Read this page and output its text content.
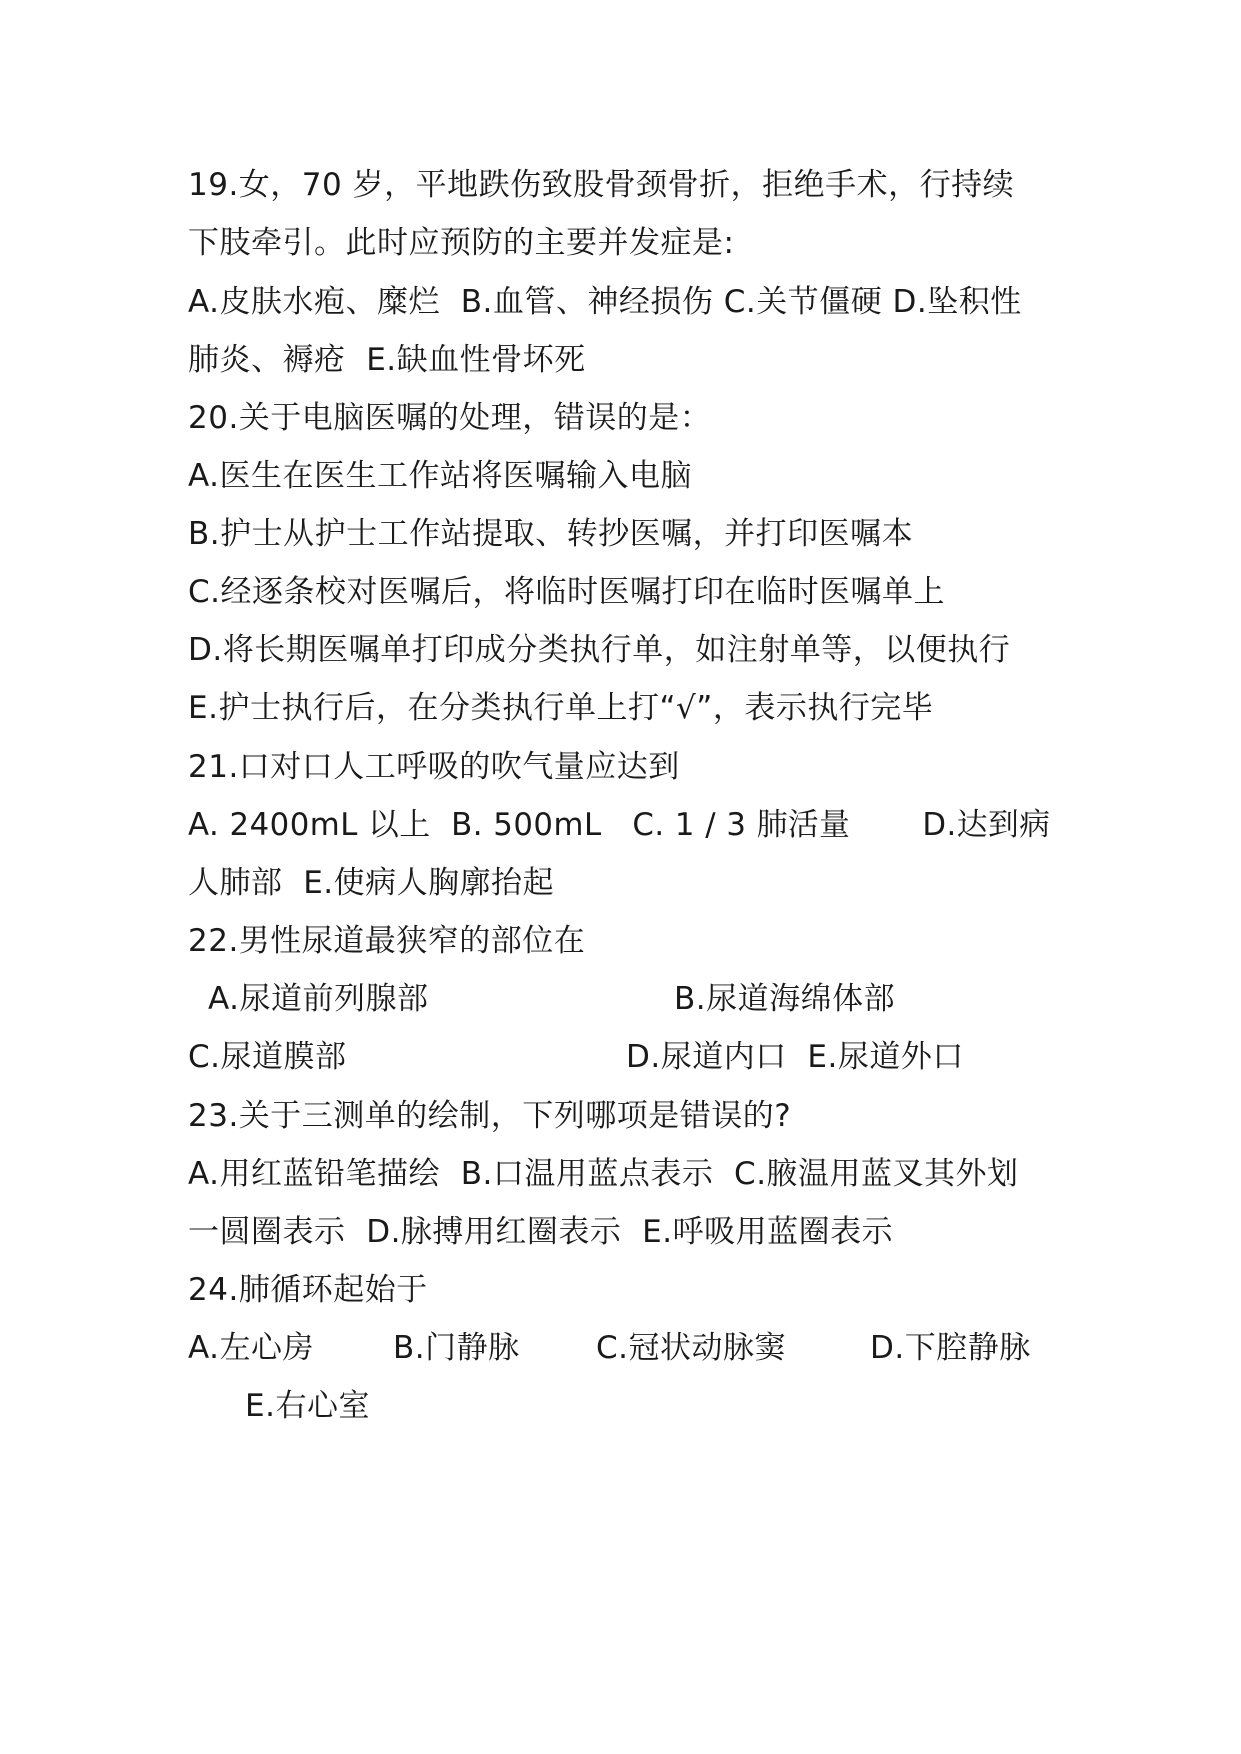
19.女，70 岁，平地跌伤致股骨颈骨折，拒绝手术，行持续
下肢牵引。此时应预防的主要并发症是:
A.皮肤水疱、糜烂  B.血管、神经损伤 C.关节僵硬 D.坠积性
肺炎、褥疮  E.缺血性骨坏死
20.关于电脑医嘱的处理，错误的是：
A.医生在医生工作站将医嘱输入电脑
B.护士从护士工作站提取、转抄医嘱，并打印医嘱本
C.经逐条校对医嘱后，将临时医嘱打印在临时医嘱单上
D.将长期医嘱单打印成分类执行单，如注射单等，以便执行
E.护士执行后，在分类执行单上打“√”，表示执行完毕
21.口对口人工呼吸的吹气量应达到
A. 2400mL 以上  B. 500mL   C. 1 / 3 肺活量       D.达到病
人肺部  E.使病人胸廓抬起
22.男性尿道最狭窄的部位在
A.尿道前列腺部	B.尿道海绵体部
C.尿道膜部	D.尿道内口  E.尿道外口
23.关于三测单的绘制，下列哪项是错误的?
A.用红蓝铅笔描绘  B.口温用蓝点表示  C.腋温用蓝叉其外划
一圆圈表示  D.脉搏用红圈表示  E.呼吸用蓝圈表示
24.肺循环起始于
A.左心房	B.门静脉 C.冠状动脉窦	D.下腔静脉
E.右心室
